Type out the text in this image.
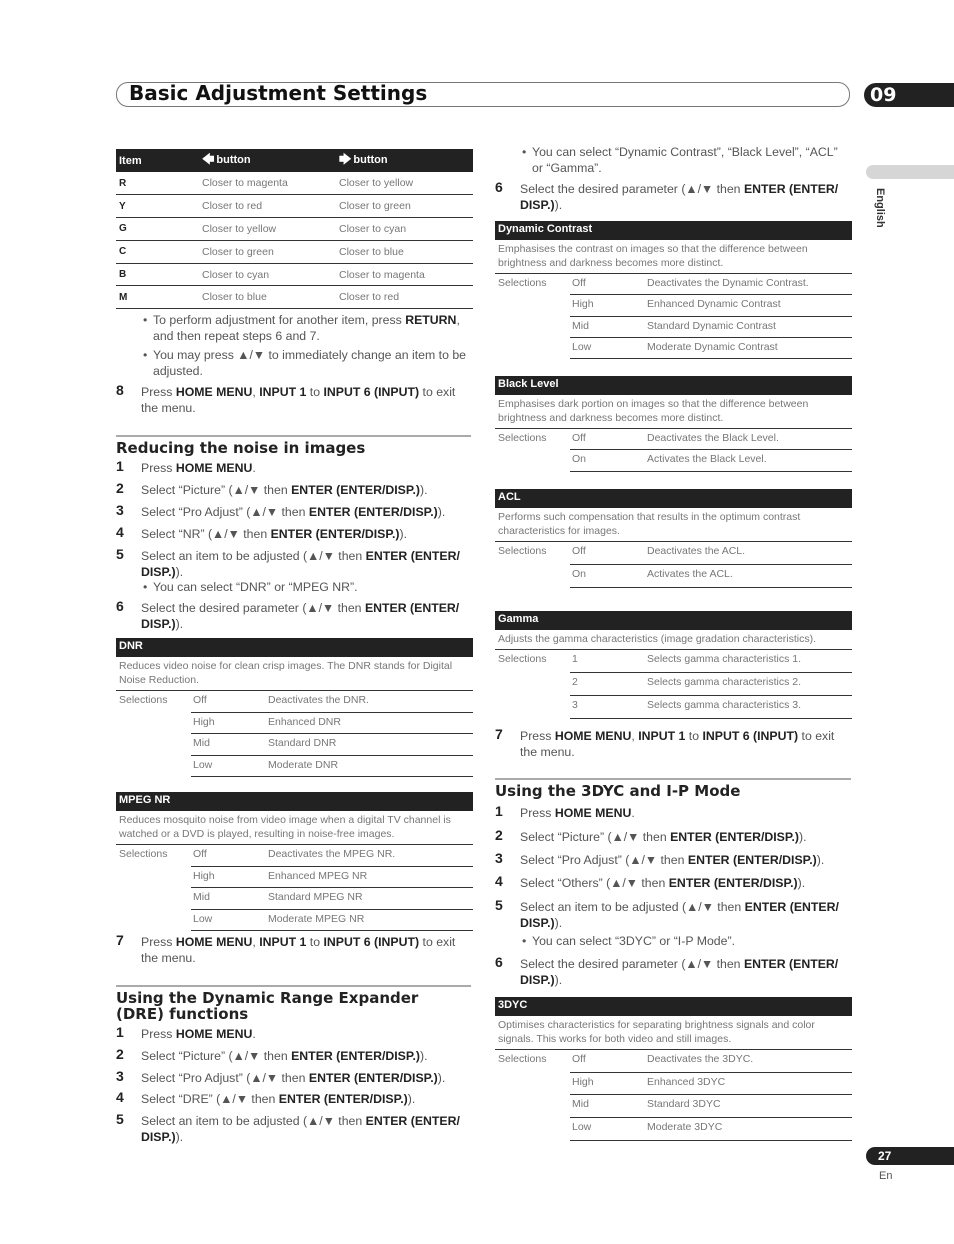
Basic Adjustment Settings	09
English
27
En
Item	🡄 button	🡆 button
R	Closer to magenta	Closer to yellow
Y	Closer to red	Closer to green
G	Closer to yellow	Closer to cyan
C	Closer to green	Closer to blue
B	Closer to cyan	Closer to magenta
M	Closer to blue	Closer to red
• To perform adjustment for another item, press RETURN, and then repeat steps 6 and 7.
• You may press ▲/▼ to immediately change an item to be adjusted.
8 Press HOME MENU, INPUT 1 to INPUT 6 (INPUT) to exit the menu.
Reducing the noise in images
1 Press HOME MENU.
2 Select “Picture” (▲/▼ then ENTER (ENTER/DISP.)).
3 Select “Pro Adjust” (▲/▼ then ENTER (ENTER/DISP.)).
4 Select “NR” (▲/▼ then ENTER (ENTER/DISP.)).
5 Select an item to be adjusted (▲/▼ then ENTER (ENTER/ DISP.)).
6 Select the desired parameter (▲/▼ then ENTER (ENTER/ DISP.)).
• You can select “DNR” or “MPEG NR”.
DNR
Reduces video noise for clean crisp images. The DNR stands for Digital Noise Reduction.
Selections Off	Deactivates the DNR.
High	Enhanced DNR
Mid	Standard DNR
Low	Moderate DNR
MPEG NR
Reduces mosquito noise from video image when a digital TV channel is watched or a DVD is played, resulting in noise-free images.
Selections Off	Deactivates the MPEG NR.
High	Enhanced MPEG NR
Mid	Standard MPEG NR
Low	Moderate MPEG NR
7 Press HOME MENU, INPUT 1 to INPUT 6 (INPUT) to exit the menu.
Using the Dynamic Range Expander (DRE) functions
1 Press HOME MENU.
2 Select “Picture” (▲/▼ then ENTER (ENTER/DISP.)).
3 Select “Pro Adjust” (▲/▼ then ENTER (ENTER/DISP.)).
4 Select “DRE” (▲/▼ then ENTER (ENTER/DISP.)).
5 Select an item to be adjusted (▲/▼ then ENTER (ENTER/ DISP.)).
• You can select “Dynamic Contrast”, “Black Level”, “ACL” or “Gamma”.
6 Select the desired parameter (▲/▼ then ENTER (ENTER/ DISP.)).
Dynamic Contrast
Emphasises the contrast on images so that the difference between brightness and darkness becomes more distinct.
Selections Off	Deactivates the Dynamic Contrast.
High	Enhanced Dynamic Contrast
Mid	Standard Dynamic Contrast
Low	Moderate Dynamic Contrast
Black Level
Emphasises dark portion on images so that the difference between brightness and darkness becomes more distinct.
Selections Off	Deactivates the Black Level.
On	Activates the Black Level.
ACL
Performs such compensation that results in the optimum contrast characteristics for images.
Selections Off	Deactivates the ACL.
On	Activates the ACL.
Gamma
Adjusts the gamma characteristics (image gradation characteristics).
Selections 1	Selects gamma characteristics 1.
2	Selects gamma characteristics 2.
3	Selects gamma characteristics 3.
7 Press HOME MENU, INPUT 1 to INPUT 6 (INPUT) to exit the menu.
Using the 3DYC and I-P Mode
1 Press HOME MENU.
2 Select “Picture” (▲/▼ then ENTER (ENTER/DISP.)).
3 Select “Pro Adjust” (▲/▼ then ENTER (ENTER/DISP.)).
4 Select “Others” (▲/▼ then ENTER (ENTER/DISP.)).
5 Select an item to be adjusted (▲/▼ then ENTER (ENTER/ DISP.)).
6 Select the desired parameter (▲/▼ then ENTER (ENTER/ DISP.)).
• You can select “3DYC” or “I-P Mode”.
3DYC
Optimises characteristics for separating brightness signals and color signals. This works for both video and still images.
Selections Off	Deactivates the 3DYC.
High	Enhanced 3DYC
Mid	Standard 3DYC
Low	Moderate 3DYC
